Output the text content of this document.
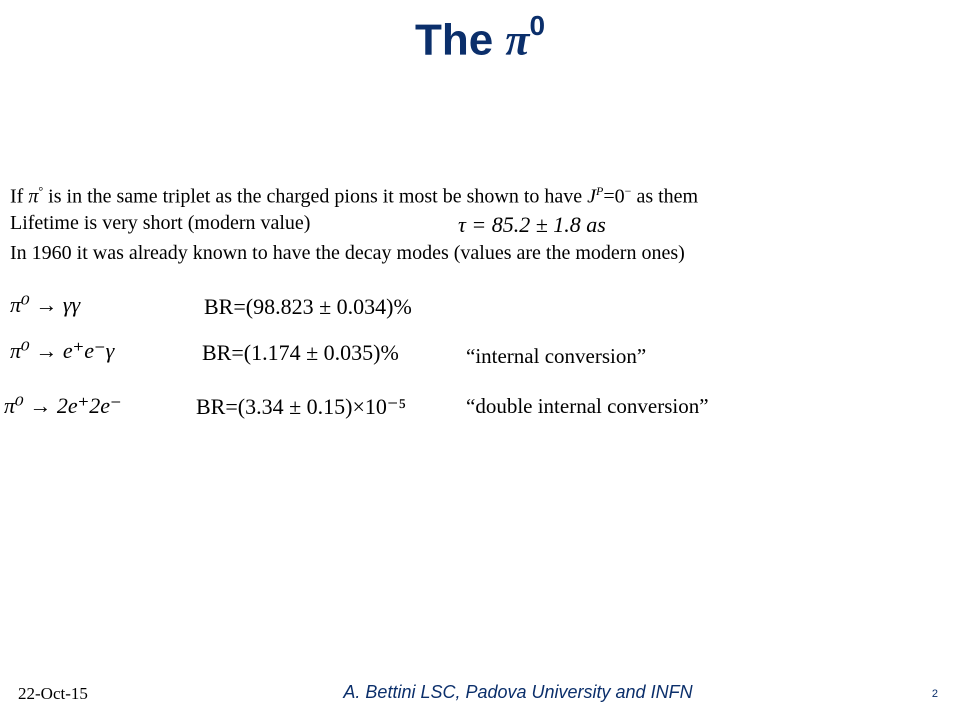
The $\pi^0$
If π° is in the same triplet as the charged pions it most be shown to have $J^P=0^-$ as them
Lifetime is very short (modern value)	τ = 85.2 ± 1.8 as
In 1960 it was already known to have the decay modes (values are the modern ones)
π⁰ → γγ	BR=(98.823 ± 0.034)%
π⁰ → e⁺e⁻γ	BR=(1.174 ± 0.035)%	“internal conversion”
π⁰ → 2e⁺2e⁻	BR=(3.34 ± 0.15)×10⁻⁵	“double internal conversion”
22-Oct-15	A. Bettini LSC, Padova University and INFN	2
